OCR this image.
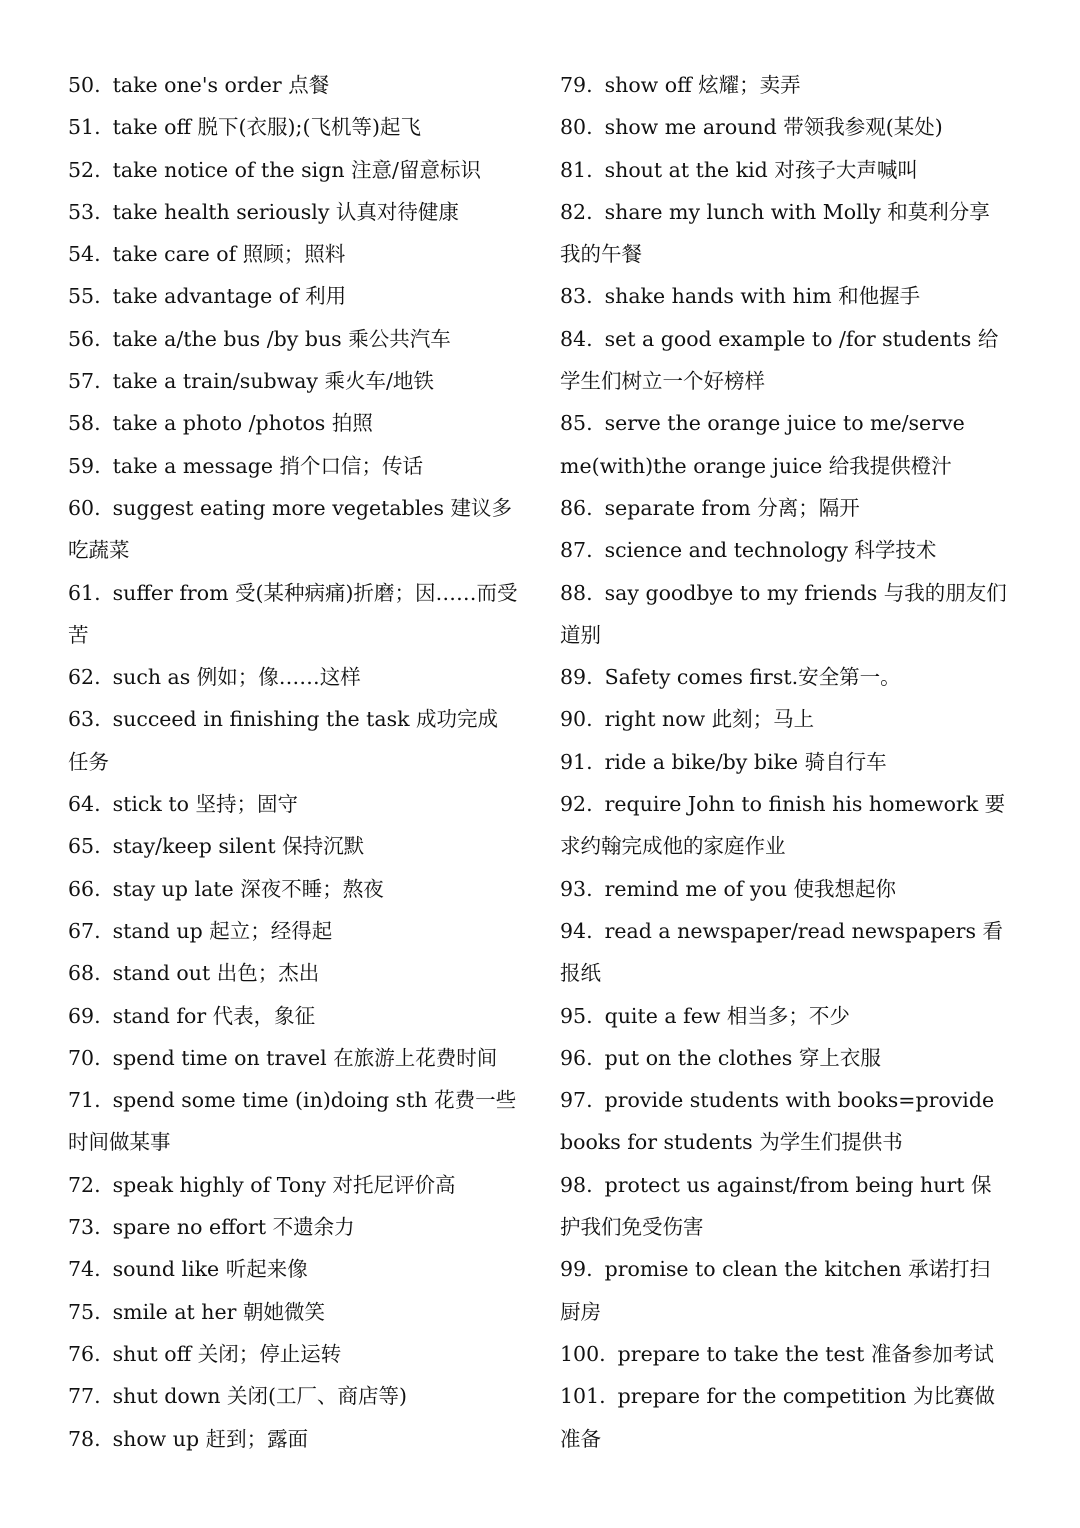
50. take one's order 点餐

51. take off 脱下(衣服);(飞机等)起飞

52. take notice of the sign 注意/留意标识

53. take health seriously 认真对待健康

54. take care of 照顾；照料

55. take advantage of 利用

56. take a/the bus /by bus 乘公共汽车

57. take a train/subway 乘火车/地铁

58. take a photo /photos 拍照

59. take a message 捎个口信；传话

60. suggest eating more vegetables 建议多吃蔬菜

61. suffer from 受(某种病痛)折磨；因……而受苦

62. such as 例如；像……这样

63. succeed in finishing the task 成功完成任务

64. stick to 坚持；固守

65. stay/keep silent 保持沉默

66. stay up late 深夜不睡；熬夜

67. stand up 起立；经得起

68. stand out 出色；杰出

69. stand for 代表，象征

70. spend time on travel 在旅游上花费时间

71. spend some time (in)doing sth 花费一些时间做某事

72. speak highly of Tony 对托尼评价高

73. spare no effort 不遗余力

74. sound like 听起来像

75. smile at her 朝她微笑

76. shut off 关闭；停止运转

77. shut down 关闭(工厂、商店等)

78. show up 赶到；露面

79. show off 炫耀；卖弄

80. show me around 带领我参观(某处)

81. shout at the kid 对孩子大声喊叫

82. share my lunch with Molly 和莫利分享我的午餐

83. shake hands with him 和他握手

84. set a good example to /for students 给学生们树立一个好榜样

85. serve the orange juice to me/serve me(with)the orange juice 给我提供橙汁

86. separate from 分离；隔开

87. science and technology 科学技术

88. say goodbye to my friends 与我的朋友们道别

89. Safety comes first.安全第一。

90. right now 此刻；马上

91. ride a bike/by bike 骑自行车

92. require John to finish his homework 要求约翰完成他的家庭作业

93. remind me of you 使我想起你

94. read a newspaper/read newspapers 看报纸

95. quite a few 相当多；不少

96. put on the clothes 穿上衣服

97. provide students with books=provide books for students 为学生们提供书

98. protect us against/from being hurt 保护我们免受伤害

99. promise to clean the kitchen 承诺打扫厨房

100. prepare to take the test 准备参加考试

101. prepare for the competition 为比赛做准备
